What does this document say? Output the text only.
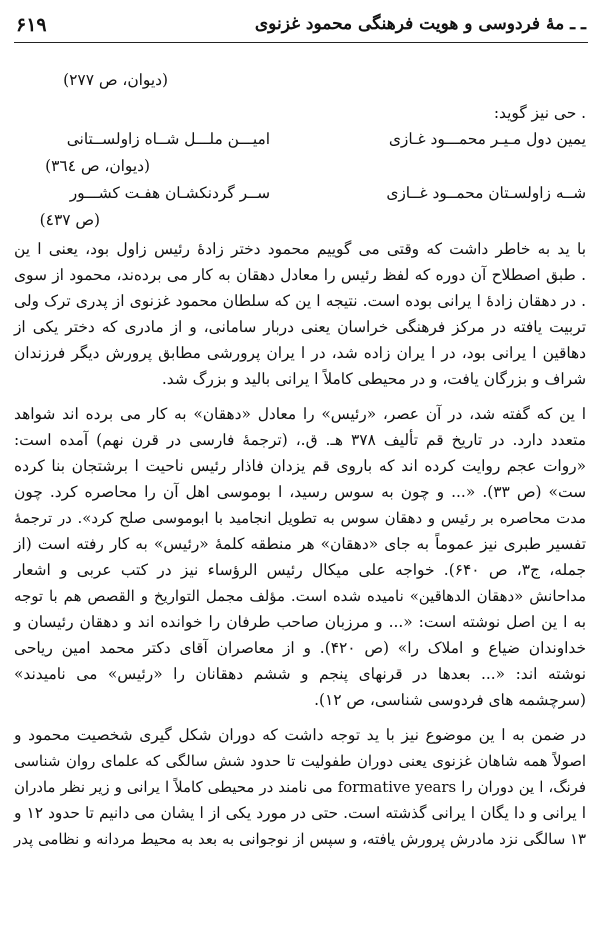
ـ ـ مهٔ فردوسی و هویت فرهنگی محمود غزنوی
۶۱۹
(دیوان، ص ۲۷۷)
. حی نیز گوید:
یمین دول مـیـر محمـــود غـازی
امیـــن ملـــل شــاه زاولســتانی
(دیوان، ص ٣٦٤)
شــه زاولسـتان محمــود غــازی
ســر گردنکشـان هفـت کشـــور
(ص ٤٣٧)
با ید به خاطر داشت که وقتی می گوییم محمود دختر زادهٔ رئیس زاول بود، یعنی ا ین
. طبق اصطلاح آن دوره که لفظ رئیس را معادل دهقان به کار می برده‌ند، محمود از سوی
. در دهقان زادهٔ ا یرانی بوده است. نتیجه ا ین که سلطان محمود غزنوی از پدری ترک ولی
تربیت یافته در مرکز فرهنگی خراسان یعنی دربار سامانی، و از مادری که دختر یکی از
دهاقین ا یرانی بود، در ا یران زاده شد، در ا یران پرورشی مطابق پرورش دیگر فرزندان
شراف و بزرگان یافت، و در محیطی کاملاً ا یرانی بالید و بزرگ شد.
ا ین که گفته شد، در آن عصر، «رئیس» را معادل «دهقان» به کار می برده اند شواهد
متعدد دارد. در تاریخ قم تألیف ۳۷۸ هـ. ق.، (ترجمهٔ فارسی در قرن نهم) آمده است:
«روات عجم روایت کرده اند که باروی قم یزدان فاذار رئیس ناحیت ا برشتجان بنا کرده
ست» (ص ۳۳). «... و چون به سوس رسید، ا بوموسی اهل آن را محاصره کرد. چون
مدت محاصره بر رئیس و دهقان سوس به تطویل انجامید با ابوموسی صلح کرد». در ترجمهٔ
تفسیر طبری نیز عموماً به جای «دهقان» هر منطقه کلمهٔ «رئیس» به کار رفته است (از
جمله، ج۳، ص ۶۴۰). خواجه علی میکال رئیس الرؤساء نیز در کتب عربی و اشعار
مداحانش «دهقان الدهاقین» نامیده شده است. مؤلف مجمل التواریخ و القصص هم با توجه
به ا ین اصل نوشته است: «... و مرزبان صاحب طرفان را خوانده اند و دهقان رئیسان و
خداوندان ضیاع و املاک را» (ص ۴۲۰). و از معاصران آقای دکتر محمد امین ریاحی
نوشته اند: «... بعدها در قرنهای پنجم و ششم دهقانان را «رئیس» می نامیدند»
(سرچشمه های فردوسی شناسی، ص ۱۲).
در ضمن به ا ین موضوع نیز با ید توجه داشت که دوران شکل گیری شخصیت محمود و
اصولاً همه شاهان غزنوی یعنی دوران طفولیت تا حدود شش سالگی که علمای روان شناسی
فرنگ، ا ین دوران را formative years می نامند در محیطی کاملاً ا یرانی و زیر نظر مادران
ا یرانی و دا یگان ا یرانی گذشته است. حتی در مورد یکی از ا یشان می دانیم تا حدود ۱۲ و
۱۳ سالگی نزد مادرش پرورش یافته، و سپس از نوجوانی به بعد به محیط مردانه و نظامی پدر
